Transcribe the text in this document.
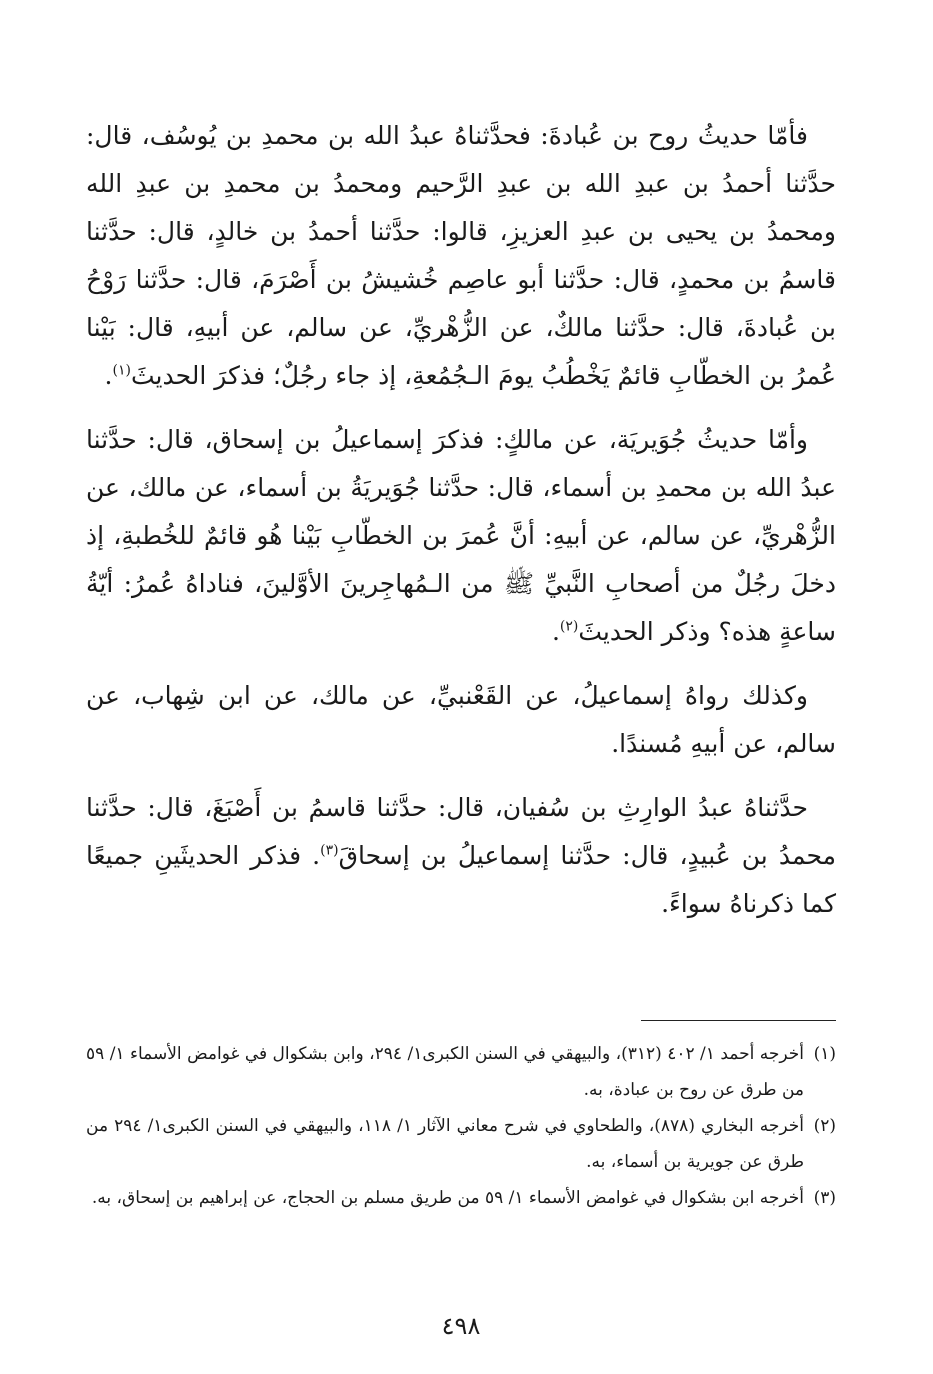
فأمّا حديثُ روح بن عُبادةَ: فحدَّثناهُ عبدُ الله بن محمدِ بن يُوسُف، قال: حدَّثنا أحمدُ بن عبدِ الله بن عبدِ الرَّحيم ومحمدُ بن محمدِ بن عبدِ الله ومحمدُ بن يحيى بن عبدِ العزيزِ، قالوا: حدَّثنا أحمدُ بن خالدٍ، قال: حدَّثنا قاسمُ بن محمدٍ، قال: حدَّثنا أبو عاصِم خُشيشُ بن أَصْرَمَ، قال: حدَّثنا رَوْحُ بن عُبادةَ، قال: حدَّثنا مالكٌ، عن الزُّهْريِّ، عن سالم، عن أبيهِ، قال: بَيْنا عُمرُ بن الخطّابِ قائمٌ يَخْطُبُ يومَ الـجُمُعةِ، إذ جاء رجُلٌ؛ فذكرَ الحديثَ$^{(١)}$.

وأمّا حديثُ جُوَيريَة، عن مالكٍ: فذكرَ إسماعيلُ بن إسحاق، قال: حدَّثنا عبدُ الله بن محمدِ بن أسماء، قال: حدَّثنا جُوَيريَةُ بن أسماء، عن مالك، عن الزُّهْريِّ، عن سالم، عن أبيهِ: أنَّ عُمرَ بن الخطّابِ بَيْنا هُو قائمٌ للخُطبةِ، إذ دخلَ رجُلٌ من أصحابِ النَّبيِّ ﷺ من الـمُهاجِرينَ الأوَّلينَ، فناداهُ عُمرُ: أيّةُ ساعةٍ هذه؟ وذكر الحديثَ$^{(٢)}$.

وكذلك رواهُ إسماعيلُ، عن القَعْنبيِّ، عن مالك، عن ابن شِهاب، عن سالم، عن أبيهِ مُسندًا.

حدَّثناهُ عبدُ الوارِثِ بن سُفيان، قال: حدَّثنا قاسمُ بن أَصْبَغَ، قال: حدَّثنا محمدُ بن عُبيدٍ، قال: حدَّثنا إسماعيلُ بن إسحاقَ$^{(٣)}$. فذكر الحديثَينِ جميعًا كما ذكرناهُ سواءً.

(١)
أخرجه أحمد ١/ ٤٠٢ (٣١٢)، والبيهقي في السنن الكبرى١/ ٢٩٤، وابن بشكوال في غوامض الأسماء ١/ ٥٩ من طرق عن روح بن عبادة، به.
(٢)
أخرجه البخاري (٨٧٨)، والطحاوي في شرح معاني الآثار ١/ ١١٨، والبيهقي في السنن الكبرى١/ ٢٩٤ من طرق عن جويرية بن أسماء، به.
(٣)
أخرجه ابن بشكوال في غوامض الأسماء ١/ ٥٩ من طريق مسلم بن الحجاج، عن إبراهيم بن إسحاق، به.
٤٩٨
